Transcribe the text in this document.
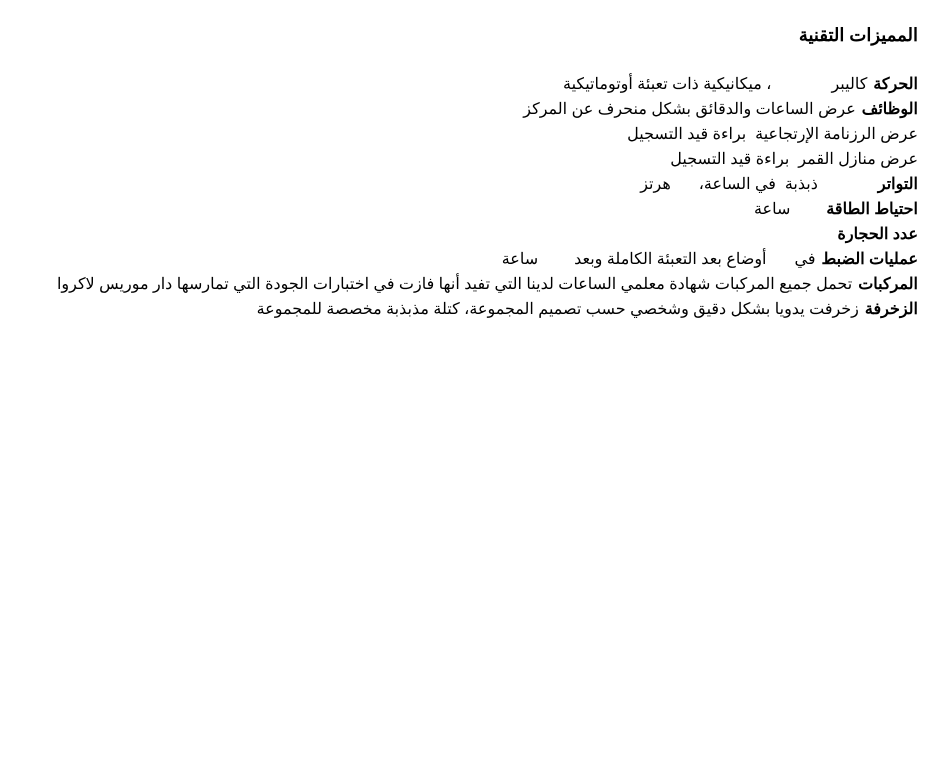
المميزات التقنية
الحركةكاليبر، ميكانيكية ذات تعبئة أوتوماتيكية
الوظائفعرض الساعات والدقائق بشكل منحرف عن المركز
عرض الرزنامة الإرتجاعية  براءة قيد التسجيل
عرض منازل القمر  براءة قيد التسجيل
التواترذبذبة  في الساعة،هرتز
احتياط الطاقةساعة
عدد الحجارة
عمليات الضبطفيأوضاع بعد التعبئة الكاملة وبعدساعة
المركباتتحمل جميع المركبات شهادة معلمي الساعات لدينا التي تفيد أنها فازت في اختبارات الجودة التي تمارسها دار موريس لاكروا
الزخرفةزخرفت يدويا بشكل دقيق وشخصي حسب تصميم المجموعة، كتلة مذبذبة مخصصة للمجموعة
